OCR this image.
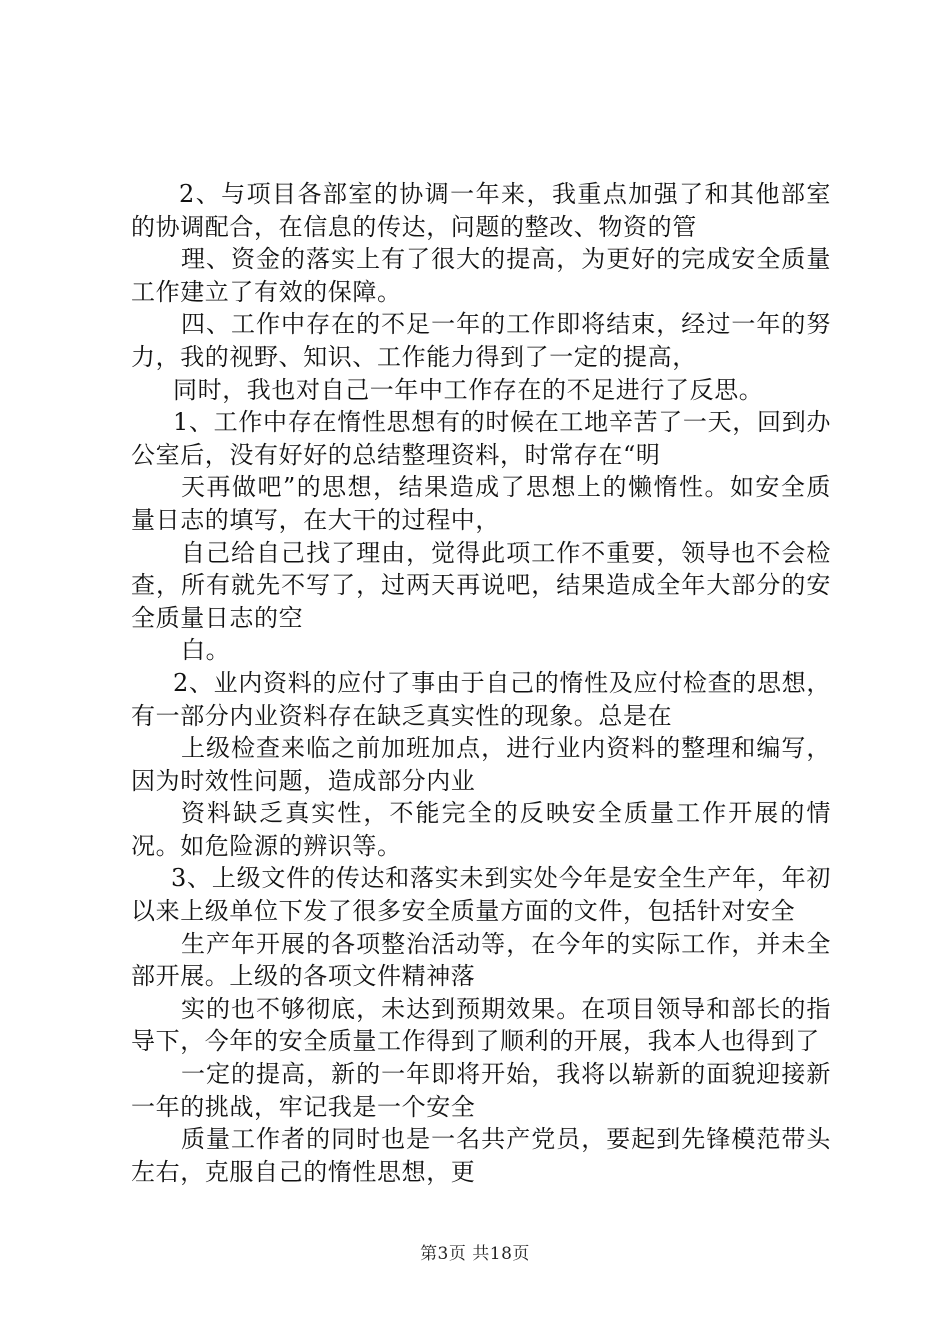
2、与项目各部室的协调一年来，我重点加强了和其他部室的协调配合，在信息的传达，问题的整改、物资的管

理、资金的落实上有了很大的提高，为更好的完成安全质量工作建立了有效的保障。

四、工作中存在的不足一年的工作即将结束，经过一年的努力，我的视野、知识、工作能力得到了一定的提高，

同时，我也对自己一年中工作存在的不足进行了反思。

1、工作中存在惰性思想有的时候在工地辛苦了一天，回到办公室后，没有好好的总结整理资料，时常存在“明

天再做吧”的思想，结果造成了思想上的懒惰性。如安全质量日志的填写，在大干的过程中，

自己给自己找了理由，觉得此项工作不重要，领导也不会检查，所有就先不写了，过两天再说吧，结果造成全年大部分的安全质量日志的空

白。

2、业内资料的应付了事由于自己的惰性及应付检查的思想，有一部分内业资料存在缺乏真实性的现象。总是在

上级检查来临之前加班加点，进行业内资料的整理和编写，因为时效性问题，造成部分内业

资料缺乏真实性，不能完全的反映安全质量工作开展的情况。如危险源的辨识等。

3、上级文件的传达和落实未到实处今年是安全生产年，年初以来上级单位下发了很多安全质量方面的文件，包括针对安全

生产年开展的各项整治活动等，在今年的实际工作，并未全部开展。上级的各项文件精神落

实的也不够彻底，未达到预期效果。在项目领导和部长的指导下，今年的安全质量工作得到了顺利的开展，我本人也得到了

一定的提高，新的一年即将开始，我将以崭新的面貌迎接新一年的挑战，牢记我是一个安全

质量工作者的同时也是一名共产党员，要起到先锋模范带头左右，克服自己的惰性思想，更

第3页 共18页
